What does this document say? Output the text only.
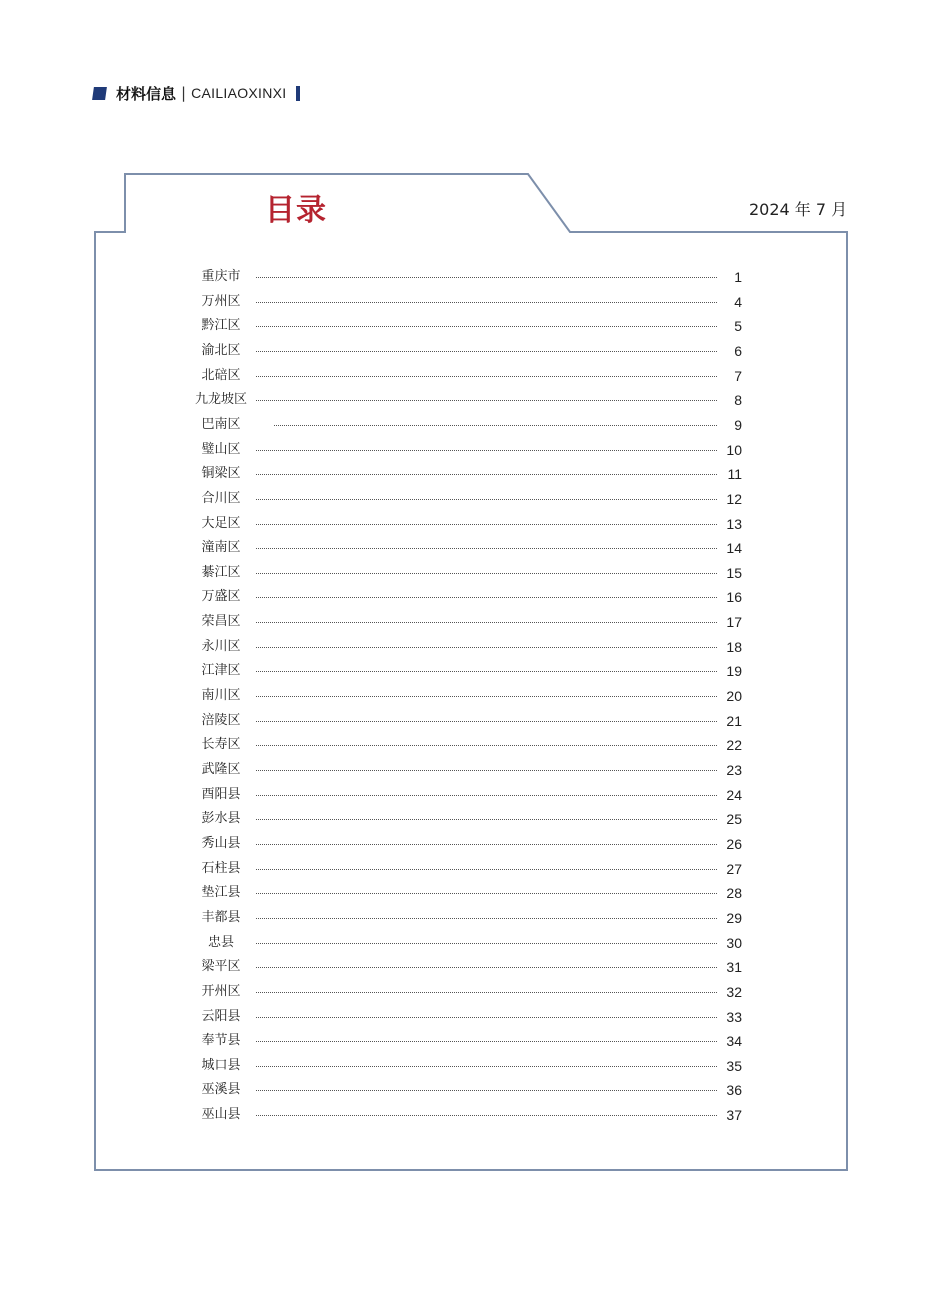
材料信息 | CAILIAOXINXI
目录	2024 年 7 月
重庆市	1
万州区	4
黔江区	5
渝北区	6
北碚区	7
九龙坡区	8
巴南区	9
璧山区	10
铜梁区	11
合川区	12
大足区	13
潼南区	14
綦江区	15
万盛区	16
荣昌区	17
永川区	18
江津区	19
南川区	20
涪陵区	21
长寿区	22
武隆区	23
酉阳县	24
彭水县	25
秀山县	26
石柱县	27
垫江县	28
丰都县	29
忠县	30
梁平区	31
开州区	32
云阳县	33
奉节县	34
城口县	35
巫溪县	36
巫山县	37
